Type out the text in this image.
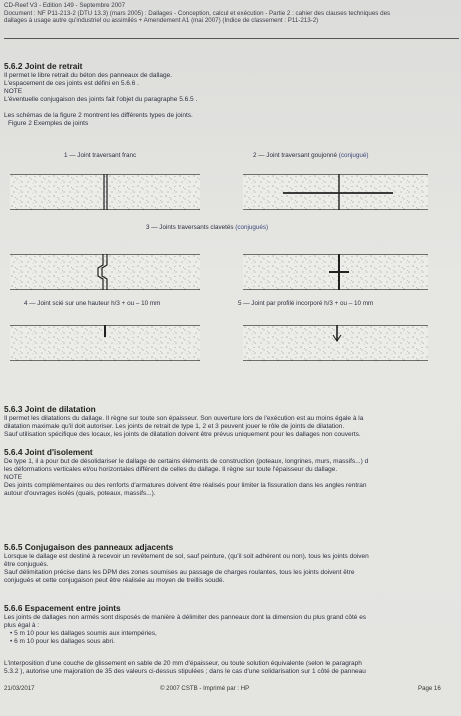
CD-Reef V3 - Edition 149 - Septembre 2007
Document : NF P11-213-2 (DTU 13.3) (mars 2005) : Dallages - Conception, calcul et exécution - Partie 2 : cahier des clauses techniques des
dallages à usage autre qu'industriel ou assimilés + Amendement A1 (mai 2007) (Indice de classement : P11-213-2)
5.6.2 Joint de retrait
Il permet le libre retrait du béton des panneaux de dallage.
L'espacement de ces joints est défini en 5.6.6 .
NOTE
L'éventuelle conjugaison des joints fait l'objet du paragraphe 5.6.5 .
Les schémas de la figure 2 montrent les différents types de joints.
Figure 2 Exemples de joints
1 — Joint traversant franc	2 — Joint traversant goujonné (conjugué)
3 — Joints traversants clavetés (conjugués)
4 — Joint scié sur une hauteur h/3 + ou – 10 mm	5 — Joint par profilé incorporé h/3 + ou – 10 mm
5.6.3 Joint de dilatation
Il permet les dilatations du dallage. Il règne sur toute son épaisseur. Son ouverture lors de l'exécution est au moins égale à la
dilatation maximale qu'il doit autoriser. Les joints de retrait de type 1, 2 et 3 peuvent jouer le rôle de joints de dilatation.
Sauf utilisation spécifique des locaux, les joints de dilatation doivent être prévus uniquement pour les dallages non couverts.
5.6.4 Joint d'isolement
De type 1, il a pour but de désolidariser le dallage de certains éléments de construction (poteaux, longrines, murs, massifs...) d
les déformations verticales et/ou horizontales différent de celles du dallage. Il règne sur toute l'épaisseur du dallage.
NOTE
Des joints complémentaires ou des renforts d'armatures doivent être réalisés pour limiter la fissuration dans les angles rentran
autour d'ouvrages isolés (quais, poteaux, massifs...).
5.6.5 Conjugaison des panneaux adjacents
Lorsque le dallage est destiné à recevoir un revêtement de sol, sauf peinture, (qu'il soit adhérent ou non), tous les joints doiven
être conjugués.
Sauf délimitation précise dans les DPM des zones soumises au passage de charges roulantes, tous les joints doivent être
conjugués et cette conjugaison peut être réalisée au moyen de treillis soudé.
5.6.6 Espacement entre joints
Les joints de dallages non armés sont disposés de manière à délimiter des panneaux dont la dimension du plus grand côté es
plus égal à :
• 5 m 10 pour les dallages soumis aux intempéries,
• 6 m 10 pour les dallages sous abri.
L'interposition d'une couche de glissement en sable de 20 mm d'épaisseur, ou toute solution équivalente (selon le paragraph
5.3.2 ), autorise une majoration de 35 des valeurs ci-dessus stipulées ; dans le cas d'une solidarisation sur 1 côté de panneau
21/03/2017	© 2007 CSTB - Imprimé par : HP	Page 16
